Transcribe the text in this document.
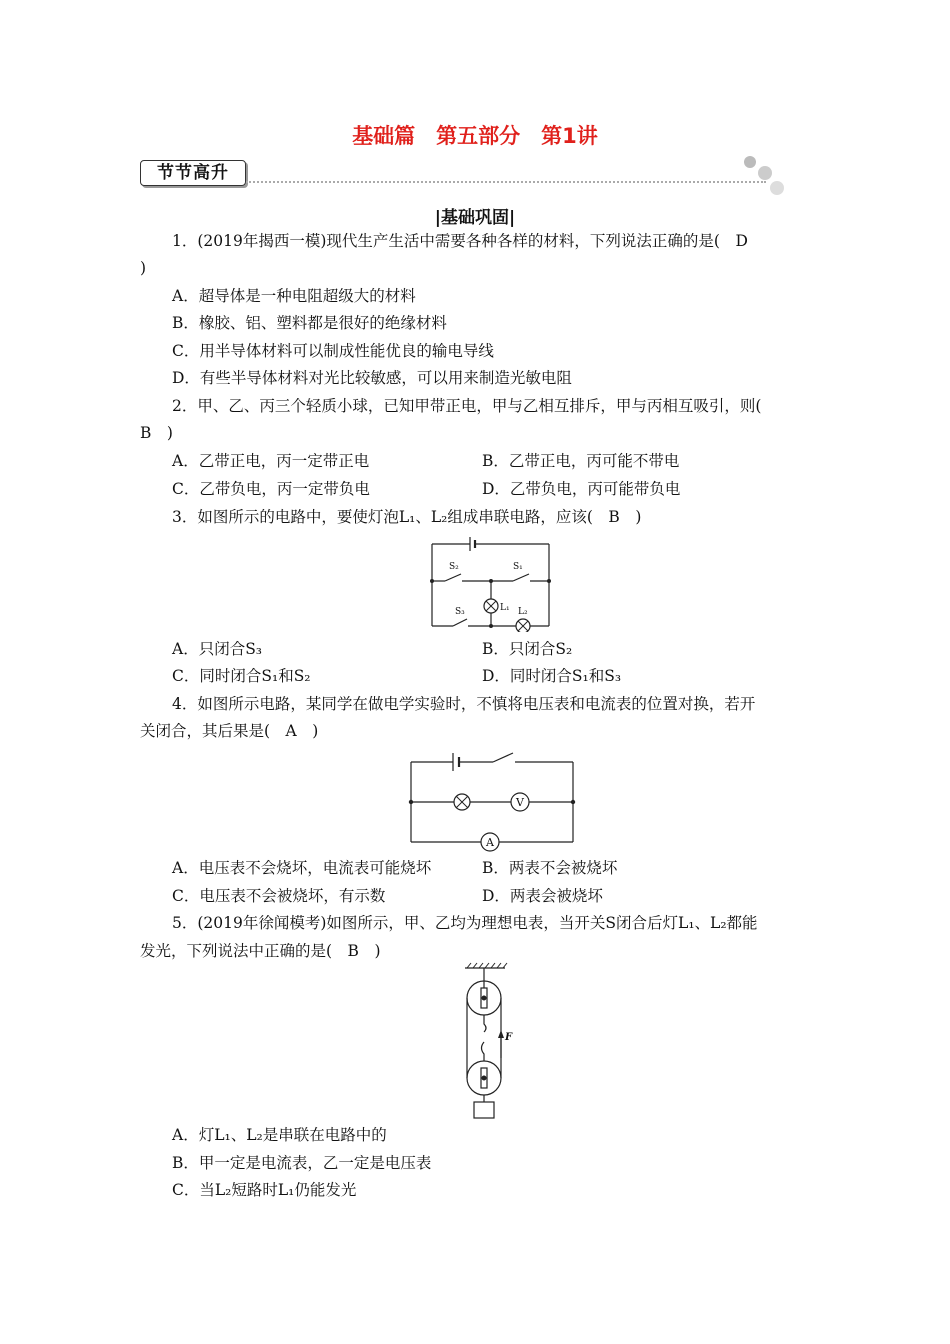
基础篇　第五部分　第1讲
节节高升
|基础巩固|
1．(2019年揭西一模)现代生产生活中需要各种各样的材料，下列说法正确的是(　D
)
A．超导体是一种电阻超级大的材料
B．橡胶、铝、塑料都是很好的绝缘材料
C．用半导体材料可以制成性能优良的输电导线
D．有些半导体材料对光比较敏感，可以用来制造光敏电阻
2．甲、乙、丙三个轻质小球，已知甲带正电，甲与乙相互排斥，甲与丙相互吸引，则(
B　)
A．乙带正电，丙一定带正电	B．乙带正电，丙可能不带电
C．乙带负电，丙一定带负电	D．乙带负电，丙可能带负电
3．如图所示的电路中，要使灯泡L₁、L₂组成串联电路，应该(　B　)
S₂	S₁
S₃	L₁ L₂
A．只闭合S₃	B．只闭合S₂
C．同时闭合S₁和S₂	D．同时闭合S₁和S₃
4．如图所示电路，某同学在做电学实验时，不慎将电压表和电流表的位置对换，若开
关闭合，其后果是(　A　)
V
A
A．电压表不会烧坏，电流表可能烧坏	B．两表不会被烧坏
C．电压表不会被烧坏，有示数	D．两表会被烧坏
5．(2019年徐闻模考)如图所示，甲、乙均为理想电表，当开关S闭合后灯L₁、L₂都能
发光，下列说法中正确的是(　B　)
F
A．灯L₁、L₂是串联在电路中的
B．甲一定是电流表，乙一定是电压表
C．当L₂短路时L₁仍能发光
